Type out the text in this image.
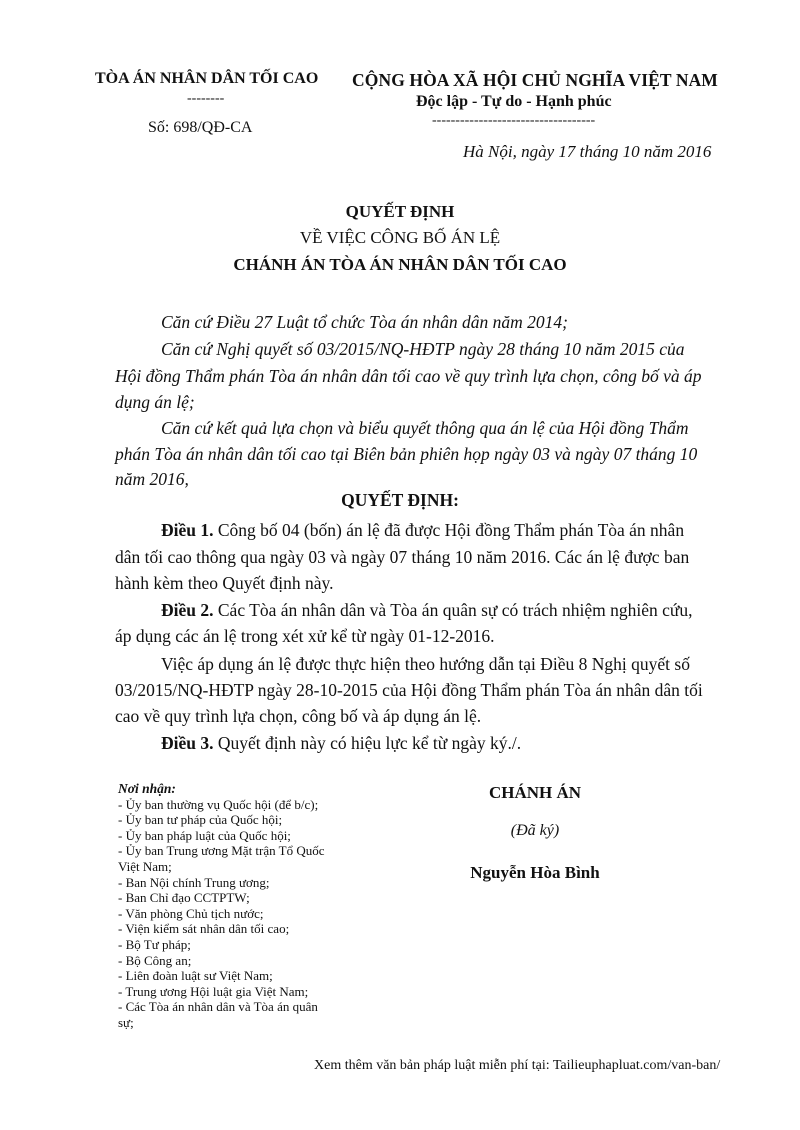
TÒA ÁN NHÂN DÂN TỐI CAO
--------
Số: 698/QĐ-CA
CỘNG HÒA XÃ HỘI CHỦ NGHĨA VIỆT NAM
Độc lập - Tự do - Hạnh phúc
-----------------------------------
Hà Nội, ngày 17 tháng 10 năm 2016
QUYẾT ĐỊNH
VỀ VIỆC CÔNG BỐ ÁN LỆ
CHÁNH ÁN TÒA ÁN NHÂN DÂN TỐI CAO
Căn cứ Điều 27 Luật tổ chức Tòa án nhân dân năm 2014;
Căn cứ Nghị quyết số 03/2015/NQ-HĐTP ngày 28 tháng 10 năm 2015 của
Hội đồng Thẩm phán Tòa án nhân dân tối cao về quy trình lựa chọn, công bố và áp
dụng án lệ;
Căn cứ kết quả lựa chọn và biểu quyết thông qua án lệ của Hội đồng Thẩm
phán Tòa án nhân dân tối cao tại Biên bản phiên họp ngày 03 và ngày 07 tháng 10
năm 2016,
QUYẾT ĐỊNH:
Điều 1. Công bố 04 (bốn) án lệ đã được Hội đồng Thẩm phán Tòa án nhân
dân tối cao thông qua ngày 03 và ngày 07 tháng 10 năm 2016. Các án lệ được ban
hành kèm theo Quyết định này.
Điều 2. Các Tòa án nhân dân và Tòa án quân sự có trách nhiệm nghiên cứu,
áp dụng các án lệ trong xét xử kể từ ngày 01-12-2016.
Việc áp dụng án lệ được thực hiện theo hướng dẫn tại Điều 8 Nghị quyết số
03/2015/NQ-HĐTP ngày 28-10-2015 của Hội đồng Thẩm phán Tòa án nhân dân tối
cao về quy trình lựa chọn, công bố và áp dụng án lệ.
Điều 3. Quyết định này có hiệu lực kể từ ngày ký./.
Nơi nhận:
- Ủy ban thường vụ Quốc hội (để b/c);
- Ủy ban tư pháp của Quốc hội;
- Ủy ban pháp luật của Quốc hội;
- Ủy ban Trung ương Mặt trận Tổ Quốc
Việt Nam;
- Ban Nội chính Trung ương;
- Ban Chỉ đạo CCTPTW;
- Văn phòng Chủ tịch nước;
- Viện kiểm sát nhân dân tối cao;
- Bộ Tư pháp;
- Bộ Công an;
- Liên đoàn luật sư Việt Nam;
- Trung ương Hội luật gia Việt Nam;
- Các Tòa án nhân dân và Tòa án quân
sự;
CHÁNH ÁN
(Đã ký)
Nguyễn Hòa Bình
Xem thêm văn bản pháp luật miễn phí tại: Tailieuphapluat.com/van-ban/
